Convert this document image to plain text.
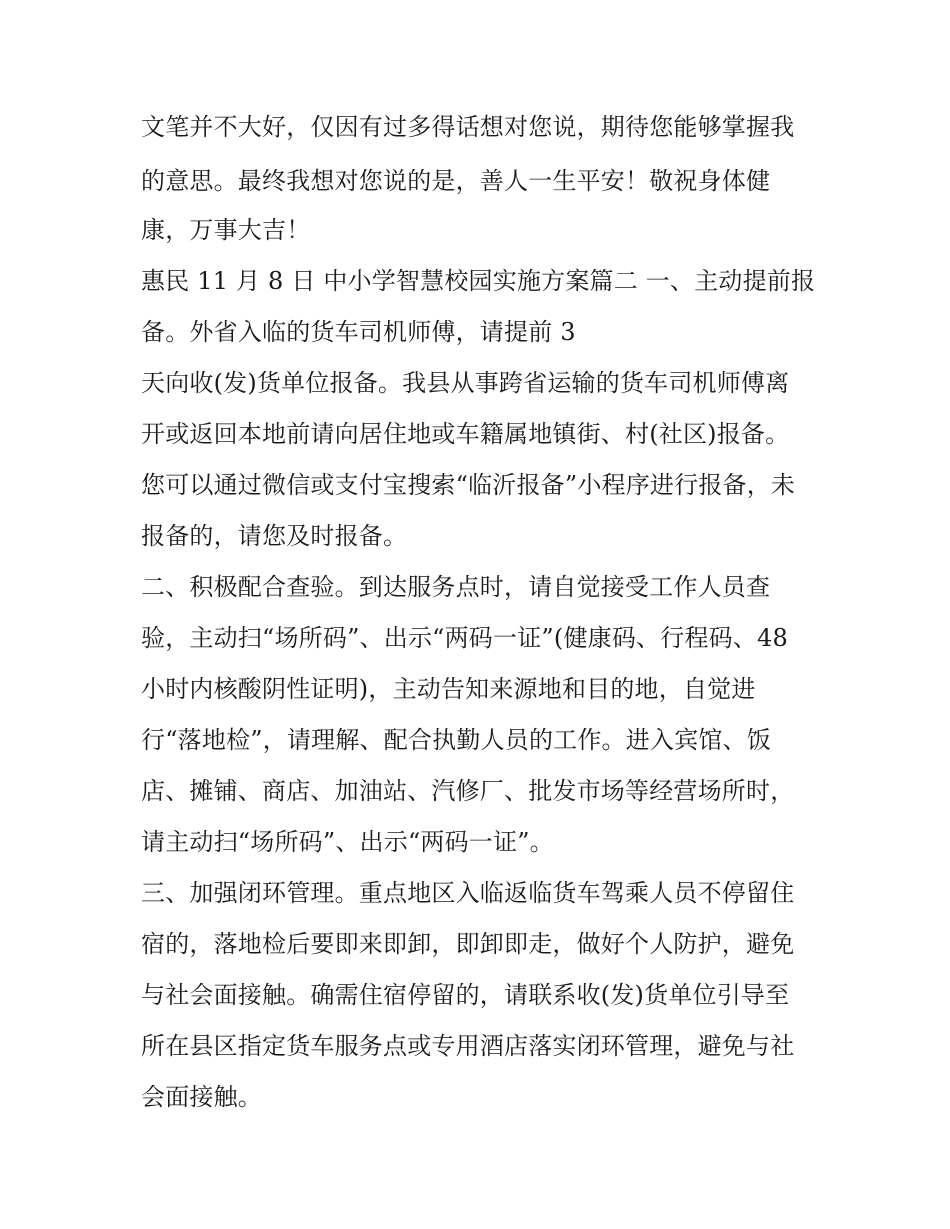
文笔并不大好，仅因有过多得话想对您说，期待您能够掌握我
的意思。最终我想对您说的是，善人一生平安！敬祝身体健
康，万事大吉！
惠民 11 月 8 日 中小学智慧校园实施方案篇二 一、主动提前报
备。外省入临的货车司机师傅，请提前 3
天向收(发)货单位报备。我县从事跨省运输的货车司机师傅离
开或返回本地前请向居住地或车籍属地镇街、村(社区)报备。
您可以通过微信或支付宝搜索“临沂报备”小程序进行报备，未
报备的，请您及时报备。
二、积极配合查验。到达服务点时，请自觉接受工作人员查
验，主动扫“场所码”、出示“两码一证”(健康码、行程码、48
小时内核酸阴性证明)，主动告知来源地和目的地，自觉进
行“落地检”，请理解、配合执勤人员的工作。进入宾馆、饭
店、摊铺、商店、加油站、汽修厂、批发市场等经营场所时，
请主动扫“场所码”、出示“两码一证”。
三、加强闭环管理。重点地区入临返临货车驾乘人员不停留住
宿的，落地检后要即来即卸，即卸即走，做好个人防护，避免
与社会面接触。确需住宿停留的，请联系收(发)货单位引导至
所在县区指定货车服务点或专用酒店落实闭环管理，避免与社
会面接触。
